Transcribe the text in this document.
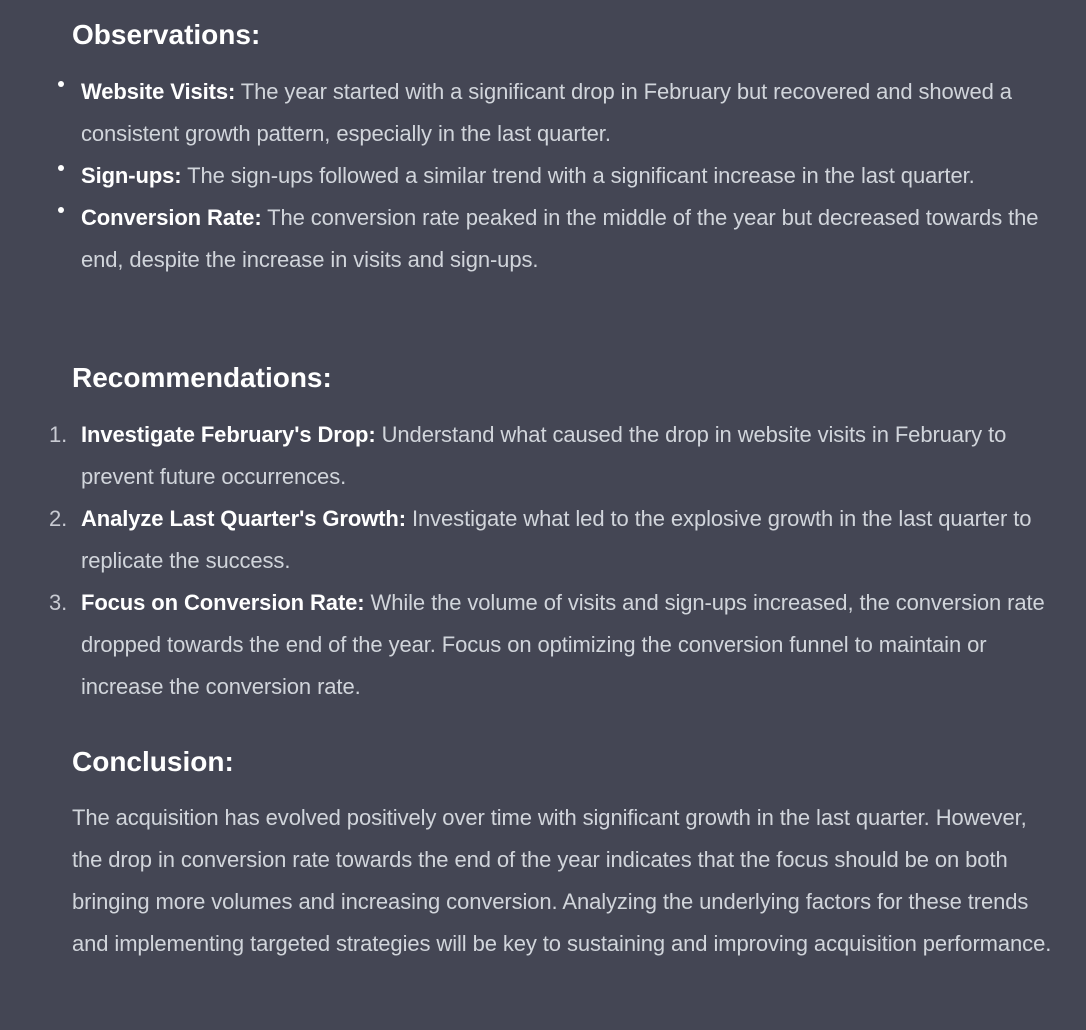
Observations:
Website Visits: The year started with a significant drop in February but recovered and showed a consistent growth pattern, especially in the last quarter.
Sign-ups: The sign-ups followed a similar trend with a significant increase in the last quarter.
Conversion Rate: The conversion rate peaked in the middle of the year but decreased towards the end, despite the increase in visits and sign-ups.
Recommendations:
1. Investigate February's Drop: Understand what caused the drop in website visits in February to prevent future occurrences.
2. Analyze Last Quarter's Growth: Investigate what led to the explosive growth in the last quarter to replicate the success.
3. Focus on Conversion Rate: While the volume of visits and sign-ups increased, the conversion rate dropped towards the end of the year. Focus on optimizing the conversion funnel to maintain or increase the conversion rate.
Conclusion:

The acquisition has evolved positively over time with significant growth in the last quarter. However, the drop in conversion rate towards the end of the year indicates that the focus should be on both bringing more volumes and increasing conversion. Analyzing the underlying factors for these trends and implementing targeted strategies will be key to sustaining and improving acquisition performance.
